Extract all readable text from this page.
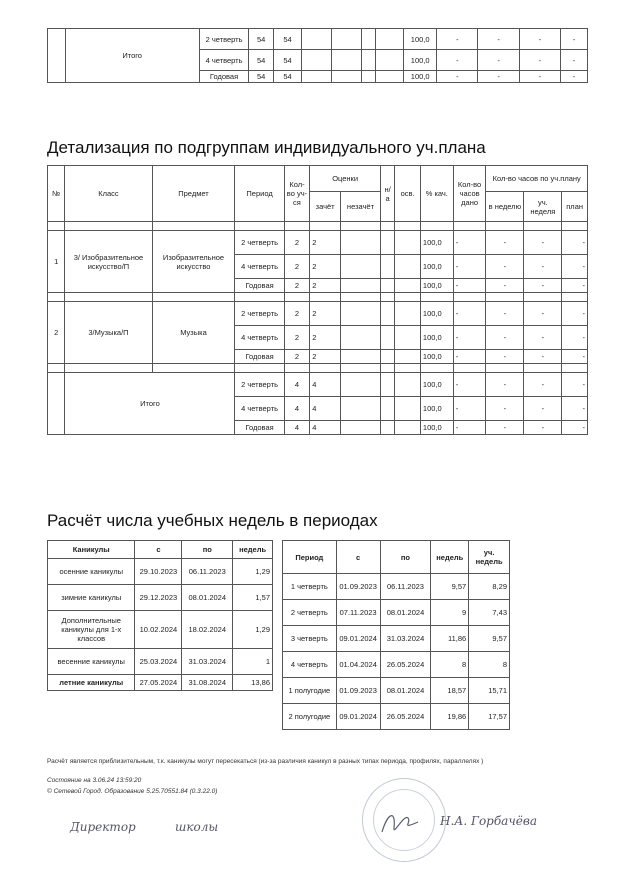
	Итого	2 четверть	54	54					100,0	-	-	-	-
		4 четверть	54	54					100,0	-	-	-	-
		Годовая	54	54					100,0	-	-	-	-
Детализация по подгруппам индивидуального уч.плана
№	Класс	Предмет	Период	Кол-во уч-ся	Оценки		н/а	осв.	% кач.	Кол-во часов дано	Кол-во часов по уч.плану		
					зачёт	незачёт					в неделю	уч. неделя	план

1	3/ Изобразительное искусство/П	Изобразительное искусство	2 четверть	2	2				100,0	-	-	-	-
			4 четверть	2	2				100,0	-	-	-	-
			Годовая	2	2				100,0	-	-	-	-

2	3/Музыка/П	Музыка	2 четверть	2	2				100,0	-	-	-	-
			4 четверть	2	2				100,0	-	-	-	-
			Годовая	2	2				100,0	-	-	-	-

	Итого		2 четверть	4	4				100,0	-	-	-	-
			4 четверть	4	4				100,0	-	-	-	-
			Годовая	4	4				100,0	-	-	-	-
Расчёт числа учебных недель в периодах
Каникулы	с	по	недель
осенние каникулы	29.10.2023	06.11.2023	1,29
зимние каникулы	29.12.2023	08.01.2024	1,57
Дополнительные каникулы для 1-х классов	10.02.2024	18.02.2024	1,29
весенние каникулы	25.03.2024	31.03.2024	1
летние каникулы	27.05.2024	31.08.2024	13,86
Период	с	по	недель	уч. недель
1 четверть	01.09.2023	06.11.2023	9,57	8,29
2 четверть	07.11.2023	08.01.2024	9	7,43
3 четверть	09.01.2024	31.03.2024	11,86	9,57
4 четверть	01.04.2024	26.05.2024	8	8
1 полугодие	01.09.2023	08.01.2024	18,57	15,71
2 полугодие	09.01.2024	26.05.2024	19,86	17,57
Расчёт является приблизительным, т.к. каникулы могут пересекаться (из-за различия каникул в разных типах периода, профилях, параллелях )
Состояние на 3.06.24 13:59:20
© Сетевой Город. Образование 5.25.70551.84 (0.3.22.0)
Директор	школы	Н.А. Горбачёва
